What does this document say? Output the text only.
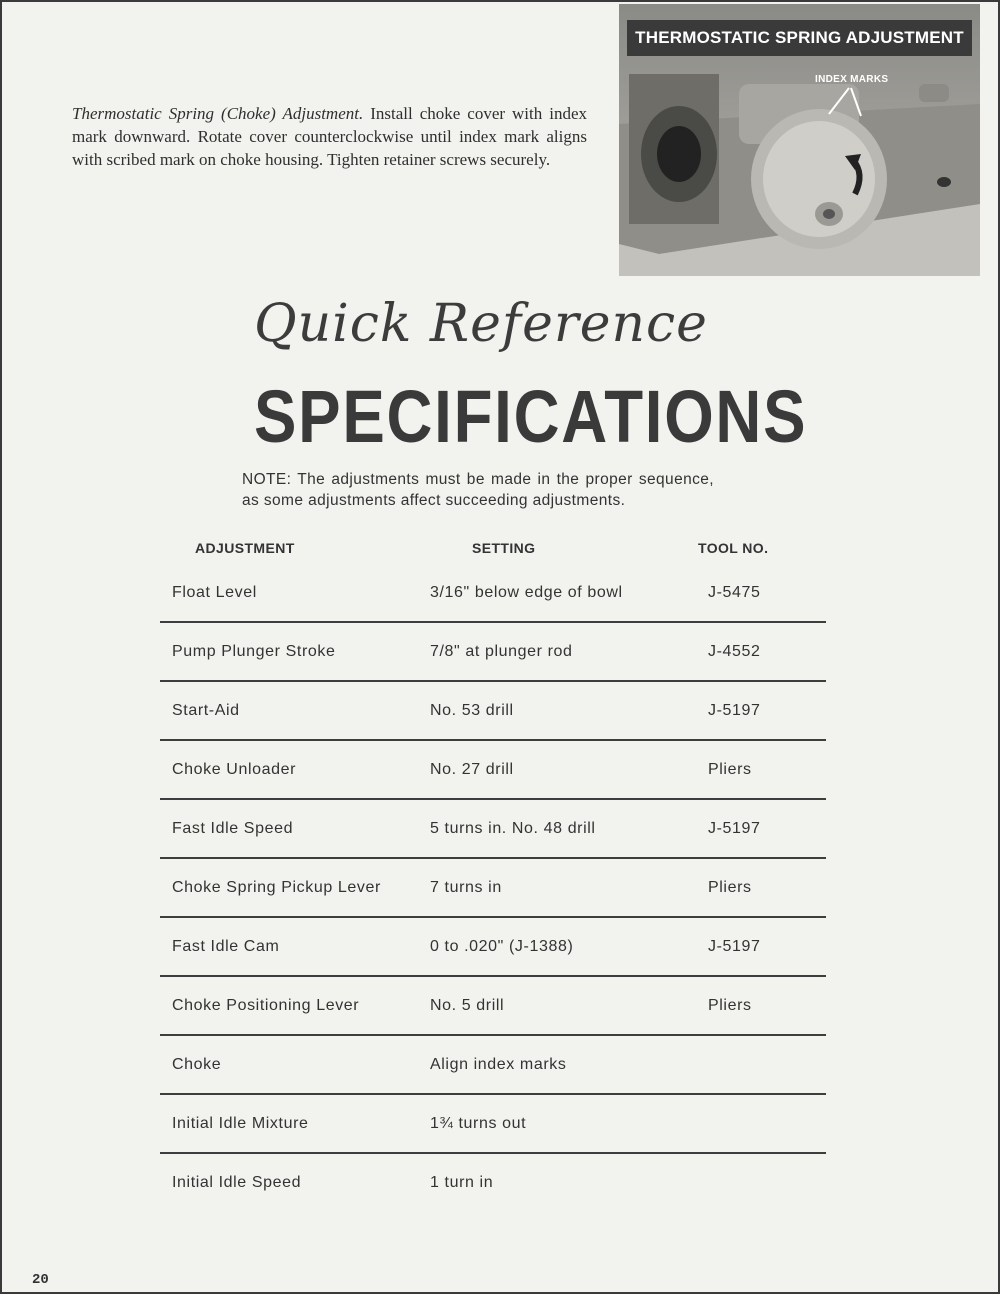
Thermostatic Spring (Choke) Adjustment. Install choke cover with index mark downward. Rotate cover counterclockwise until index mark aligns with scribed mark on choke housing. Tighten retainer screws securely.
THERMOSTATIC SPRING ADJUSTMENT
INDEX MARKS
Quick Reference
SPECIFICATIONS
NOTE: The adjustments must be made in the proper sequence, as some adjustments affect succeeding adjustments.
ADJUSTMENT	SETTING	TOOL NO.
Float Level	3/16" below edge of bowl	J-5475
Pump Plunger Stroke	7/8" at plunger rod	J-4552
Start-Aid	No. 53 drill	J-5197
Choke Unloader	No. 27 drill	Pliers
Fast Idle Speed	5 turns in. No. 48 drill	J-5197
Choke Spring Pickup Lever	7 turns in	Pliers
Fast Idle Cam	0 to .020" (J-1388)	J-5197
Choke Positioning Lever	No. 5 drill	Pliers
Choke	Align index marks
Initial Idle Mixture	1¾ turns out
Initial Idle Speed	1 turn in
20
